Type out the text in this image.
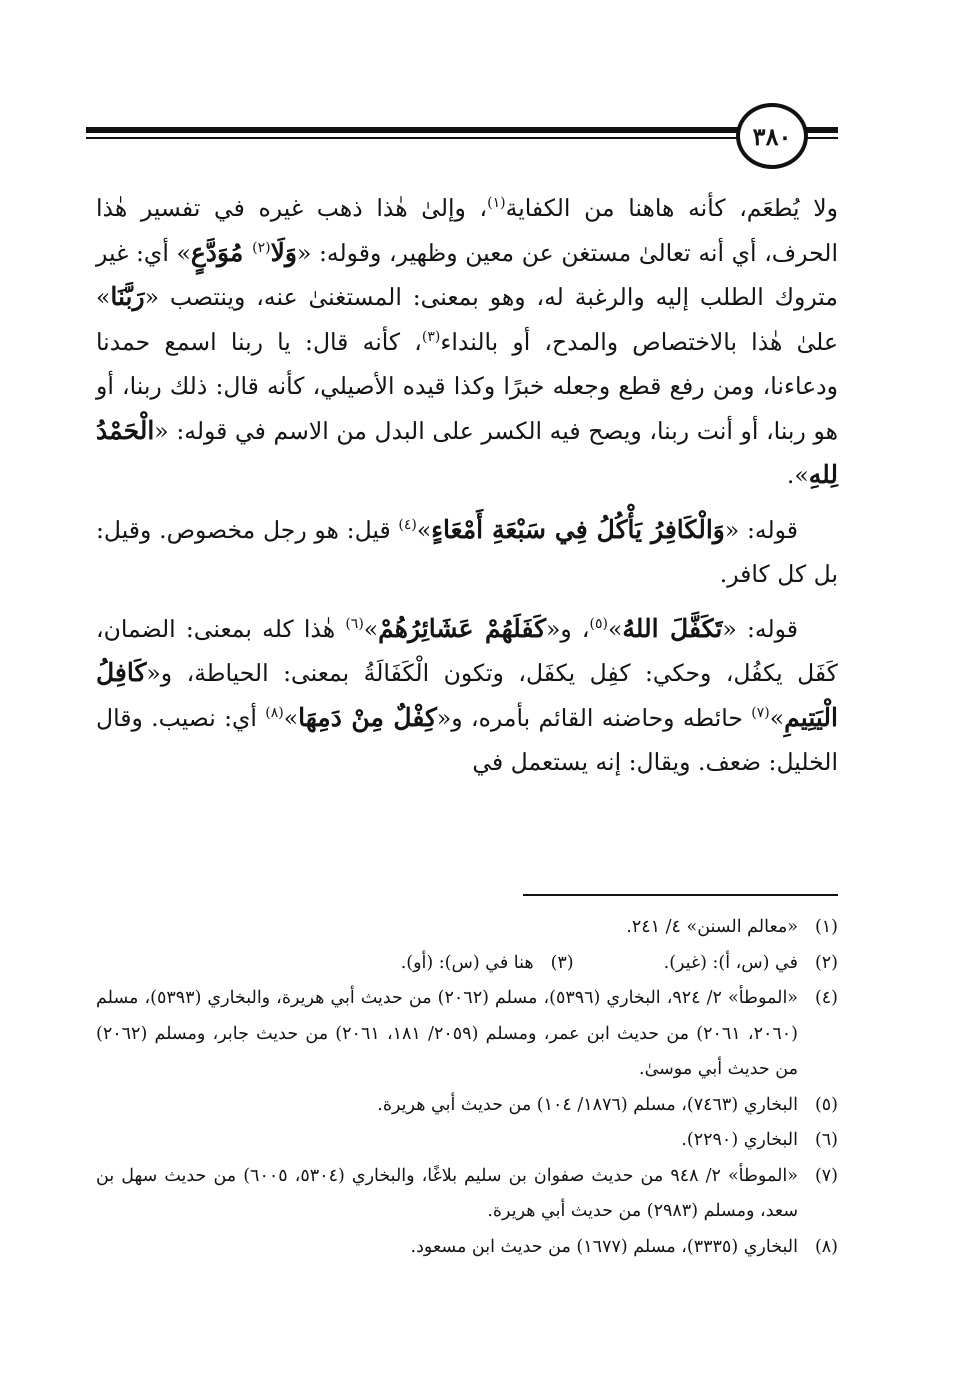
٣٨٠

ولا يُطعَم، كأنه هاهنا من الكفاية$^{(١)}$، وإلىٰ هٰذا ذهب غيره في تفسير هٰذا الحرف، أي أنه تعالىٰ مستغن عن معين وظهير، وقوله: «وَلَا$^{(٢)}$ مُوَدَّعٍ» أي: غير متروك الطلب إليه والرغبة له، وهو بمعنى: المستغنىٰ عنه، وينتصب «رَبَّنَا» علىٰ هٰذا بالاختصاص والمدح، أو بالنداء$^{(٣)}$، كأنه قال: يا ربنا اسمع حمدنا ودعاءنا، ومن رفع قطع وجعله خبرًا وكذا قيده الأصيلي، كأنه قال: ذلك ربنا، أو هو ربنا، أو أنت ربنا، ويصح فيه الكسر على البدل من الاسم في قوله: «الْحَمْدُ لِلهِ».

قوله: «وَالْكَافِرُ يَأْكُلُ فِي سَبْعَةِ أَمْعَاءٍ»$^{(٤)}$ قيل: هو رجل مخصوص. وقيل: بل كل كافر.

قوله: «تَكَفَّلَ اللهُ»$^{(٥)}$، و«كَفَلَهُمْ عَشَائِرُهُمْ»$^{(٦)}$ هٰذا كله بمعنى: الضمان، كَفَل يكفُل، وحكي: كفِل يكفَل، وتكون الْكَفَالَةُ بمعنى: الحياطة، و«كَافِلُ الْيَتِيمِ»$^{(٧)}$ حائطه وحاضنه القائم بأمره، و«كِفْلٌ مِنْ دَمِهَا»$^{(٨)}$ أي: نصيب. وقال الخليل: ضعف. ويقال: إنه يستعمل في

(١)
«معالم السنن» ٤/ ٢٤١.
(٢)
في (س، أ): (غير).
(٣)
هنا في (س): (أو).
(٤)
«الموطأ» ٢/ ٩٢٤، البخاري (٥٣٩٦)، مسلم (٢٠٦٢) من حديث أبي هريرة، والبخاري (٥٣٩٣)، مسلم (٢٠٦٠، ٢٠٦١) من حديث ابن عمر، ومسلم (٢٠٥٩/ ١٨١، ٢٠٦١) من حديث جابر، ومسلم (٢٠٦٢) من حديث أبي موسىٰ.
(٥)
البخاري (٧٤٦٣)، مسلم (١٨٧٦/ ١٠٤) من حديث أبي هريرة.
(٦)
البخاري (٢٢٩٠).
(٧)
«الموطأ» ٢/ ٩٤٨ من حديث صفوان بن سليم بلاغًا، والبخاري (٥٣٠٤، ٦٠٠٥) من حديث سهل بن سعد، ومسلم (٢٩٨٣) من حديث أبي هريرة.
(٨)
البخاري (٣٣٣٥)، مسلم (١٦٧٧) من حديث ابن مسعود.
